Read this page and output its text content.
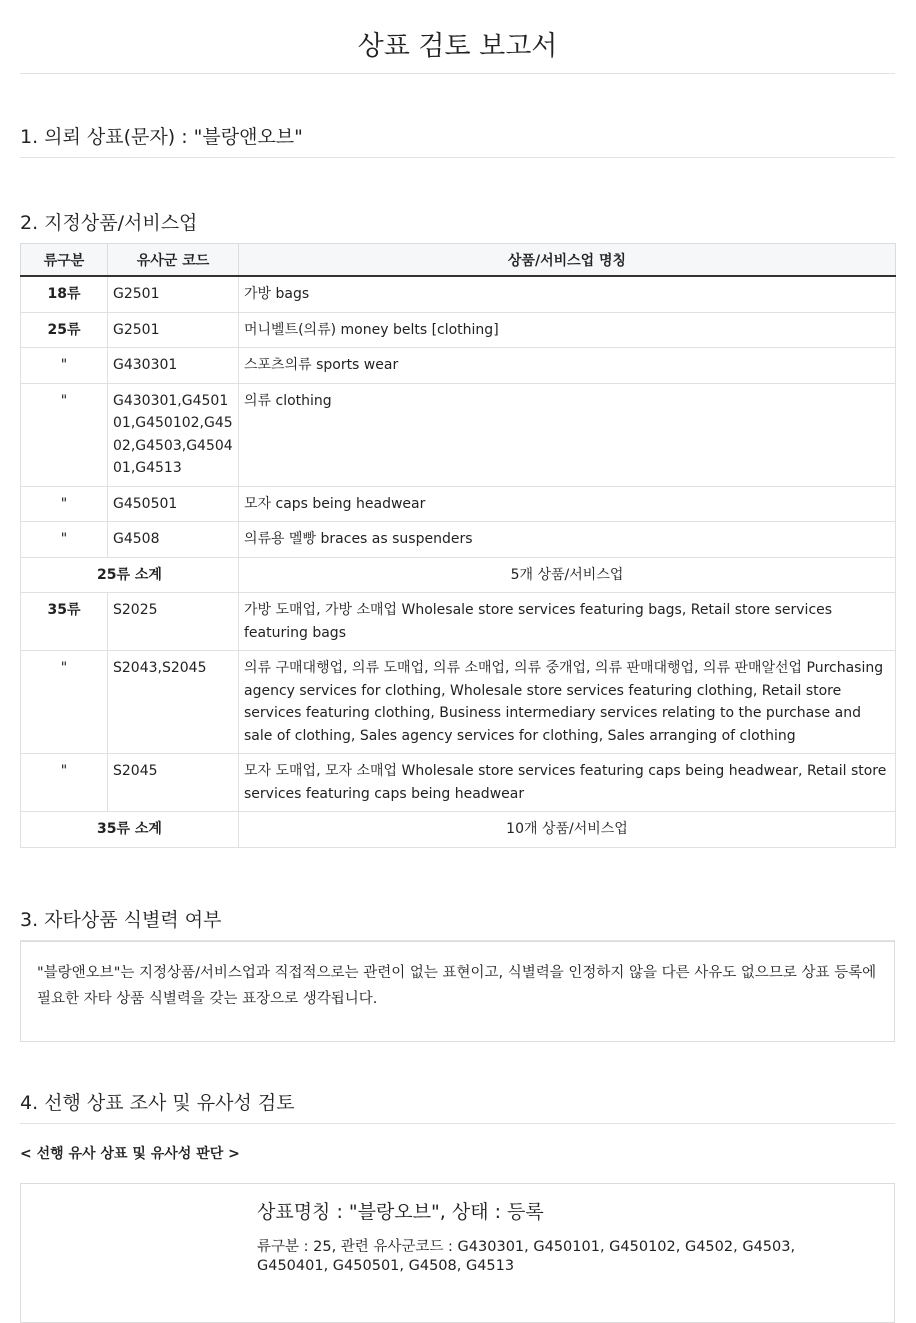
상표 검토 보고서
1. 의뢰 상표(문자) : "블랑앤오브"
2. 지정상품/서비스업
류구분	유사군 코드	상품/서비스업 명칭
18류	G2501	가방 bags
25류	G2501	머니벨트(의류) money belts [clothing]
"	G430301	스포츠의류 sports wear
"	G430301,G450101,G450102,G4502,G4503,G450401,G4513	의류 clothing
"	G450501	모자 caps being headwear
"	G4508	의류용 멜빵 braces as suspenders
25류 소계		5개 상품/서비스업
35류	S2025	가방 도매업, 가방 소매업 Wholesale store services featuring bags, Retail store services featuring bags
"	S2043,S2045	의류 구매대행업, 의류 도매업, 의류 소매업, 의류 중개업, 의류 판매대행업, 의류 판매알선업 Purchasing agency services for clothing, Wholesale store services featuring clothing, Retail store services featuring clothing, Business intermediary services relating to the purchase and sale of clothing, Sales agency services for clothing, Sales arranging of clothing
"	S2045	모자 도매업, 모자 소매업 Wholesale store services featuring caps being headwear, Retail store services featuring caps being headwear
35류 소계		10개 상품/서비스업
3. 자타상품 식별력 여부
"블랑앤오브"는 지정상품/서비스업과 직접적으로는 관련이 없는 표현이고, 식별력을 인정하지 않을 다른 사유도 없으므로 상표 등록에 필요한 자타 상품 식별력을 갖는 표장으로 생각됩니다.
4. 선행 상표 조사 및 유사성 검토
< 선행 유사 상표 및 유사성 판단 >
상표명칭 : "블랑오브", 상태 : 등록
류구분 : 25, 관련 유사군코드 : G430301, G450101, G450102, G4502, G4503, G450401, G450501, G4508, G4513
